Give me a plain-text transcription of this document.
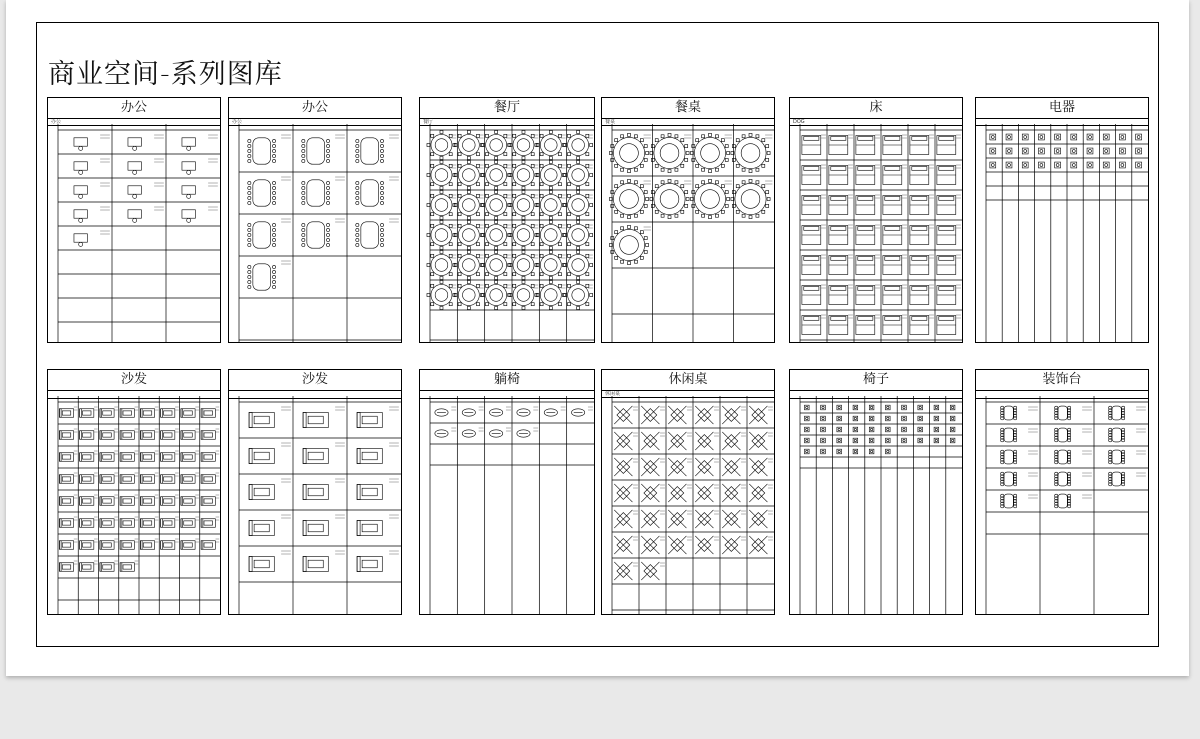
商业空间-系列图库
办公
办公
办公
办公
餐厅
餐厅
餐桌
餐桌
床
DOG
电器
沙发	沙发	躺椅	休闲桌
休闲桌
椅子	装饰台
